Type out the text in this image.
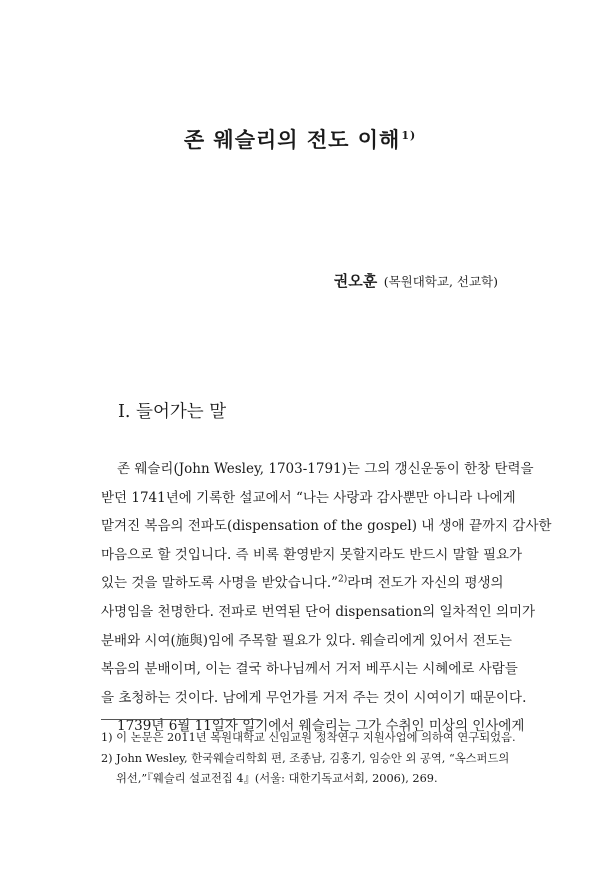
존 웨슬리의 전도 이해$^{1)}$
권오훈 (목원대학교, 선교학)
I. 들어가는 말
존 웨슬리(John Wesley, 1703-1791)는 그의 갱신운동이 한창 탄력을
받던 1741년에 기록한 설교에서 “나는 사랑과 감사뿐만 아니라 나에게
맡겨진 복음의 전파도(dispensation of the gospel) 내 생애 끝까지 감사한
마음으로 할 것입니다. 즉 비록 환영받지 못할지라도 반드시 말할 필요가
있는 것을 말하도록 사명을 받았습니다.”$^{2)}$라며 전도가 자신의 평생의
사명임을 천명한다. 전파로 번역된 단어 dispensation의 일차적인 의미가
분배와 시여(施與)임에 주목할 필요가 있다. 웨슬리에게 있어서 전도는
복음의 분배이며, 이는 결국 하나님께서 거저 베푸시는 시혜에로 사람들
을 초청하는 것이다. 남에게 무언가를 거저 주는 것이 시여이기 때문이다.
1739년 6월 11일자 일기에서 웨슬리는 그가 수취인 미상의 인사에게
1) 이 논문은 2011년 목원대학교 신임교원 정착연구 지원사업에 의하여 연구되었음.
2) John Wesley, 한국웨슬리학회 편, 조종남, 김홍기, 임승안 외 공역, “옥스퍼드의
위선,”『웨슬리 설교전집 4』(서울: 대한기독교서회, 2006), 269.
